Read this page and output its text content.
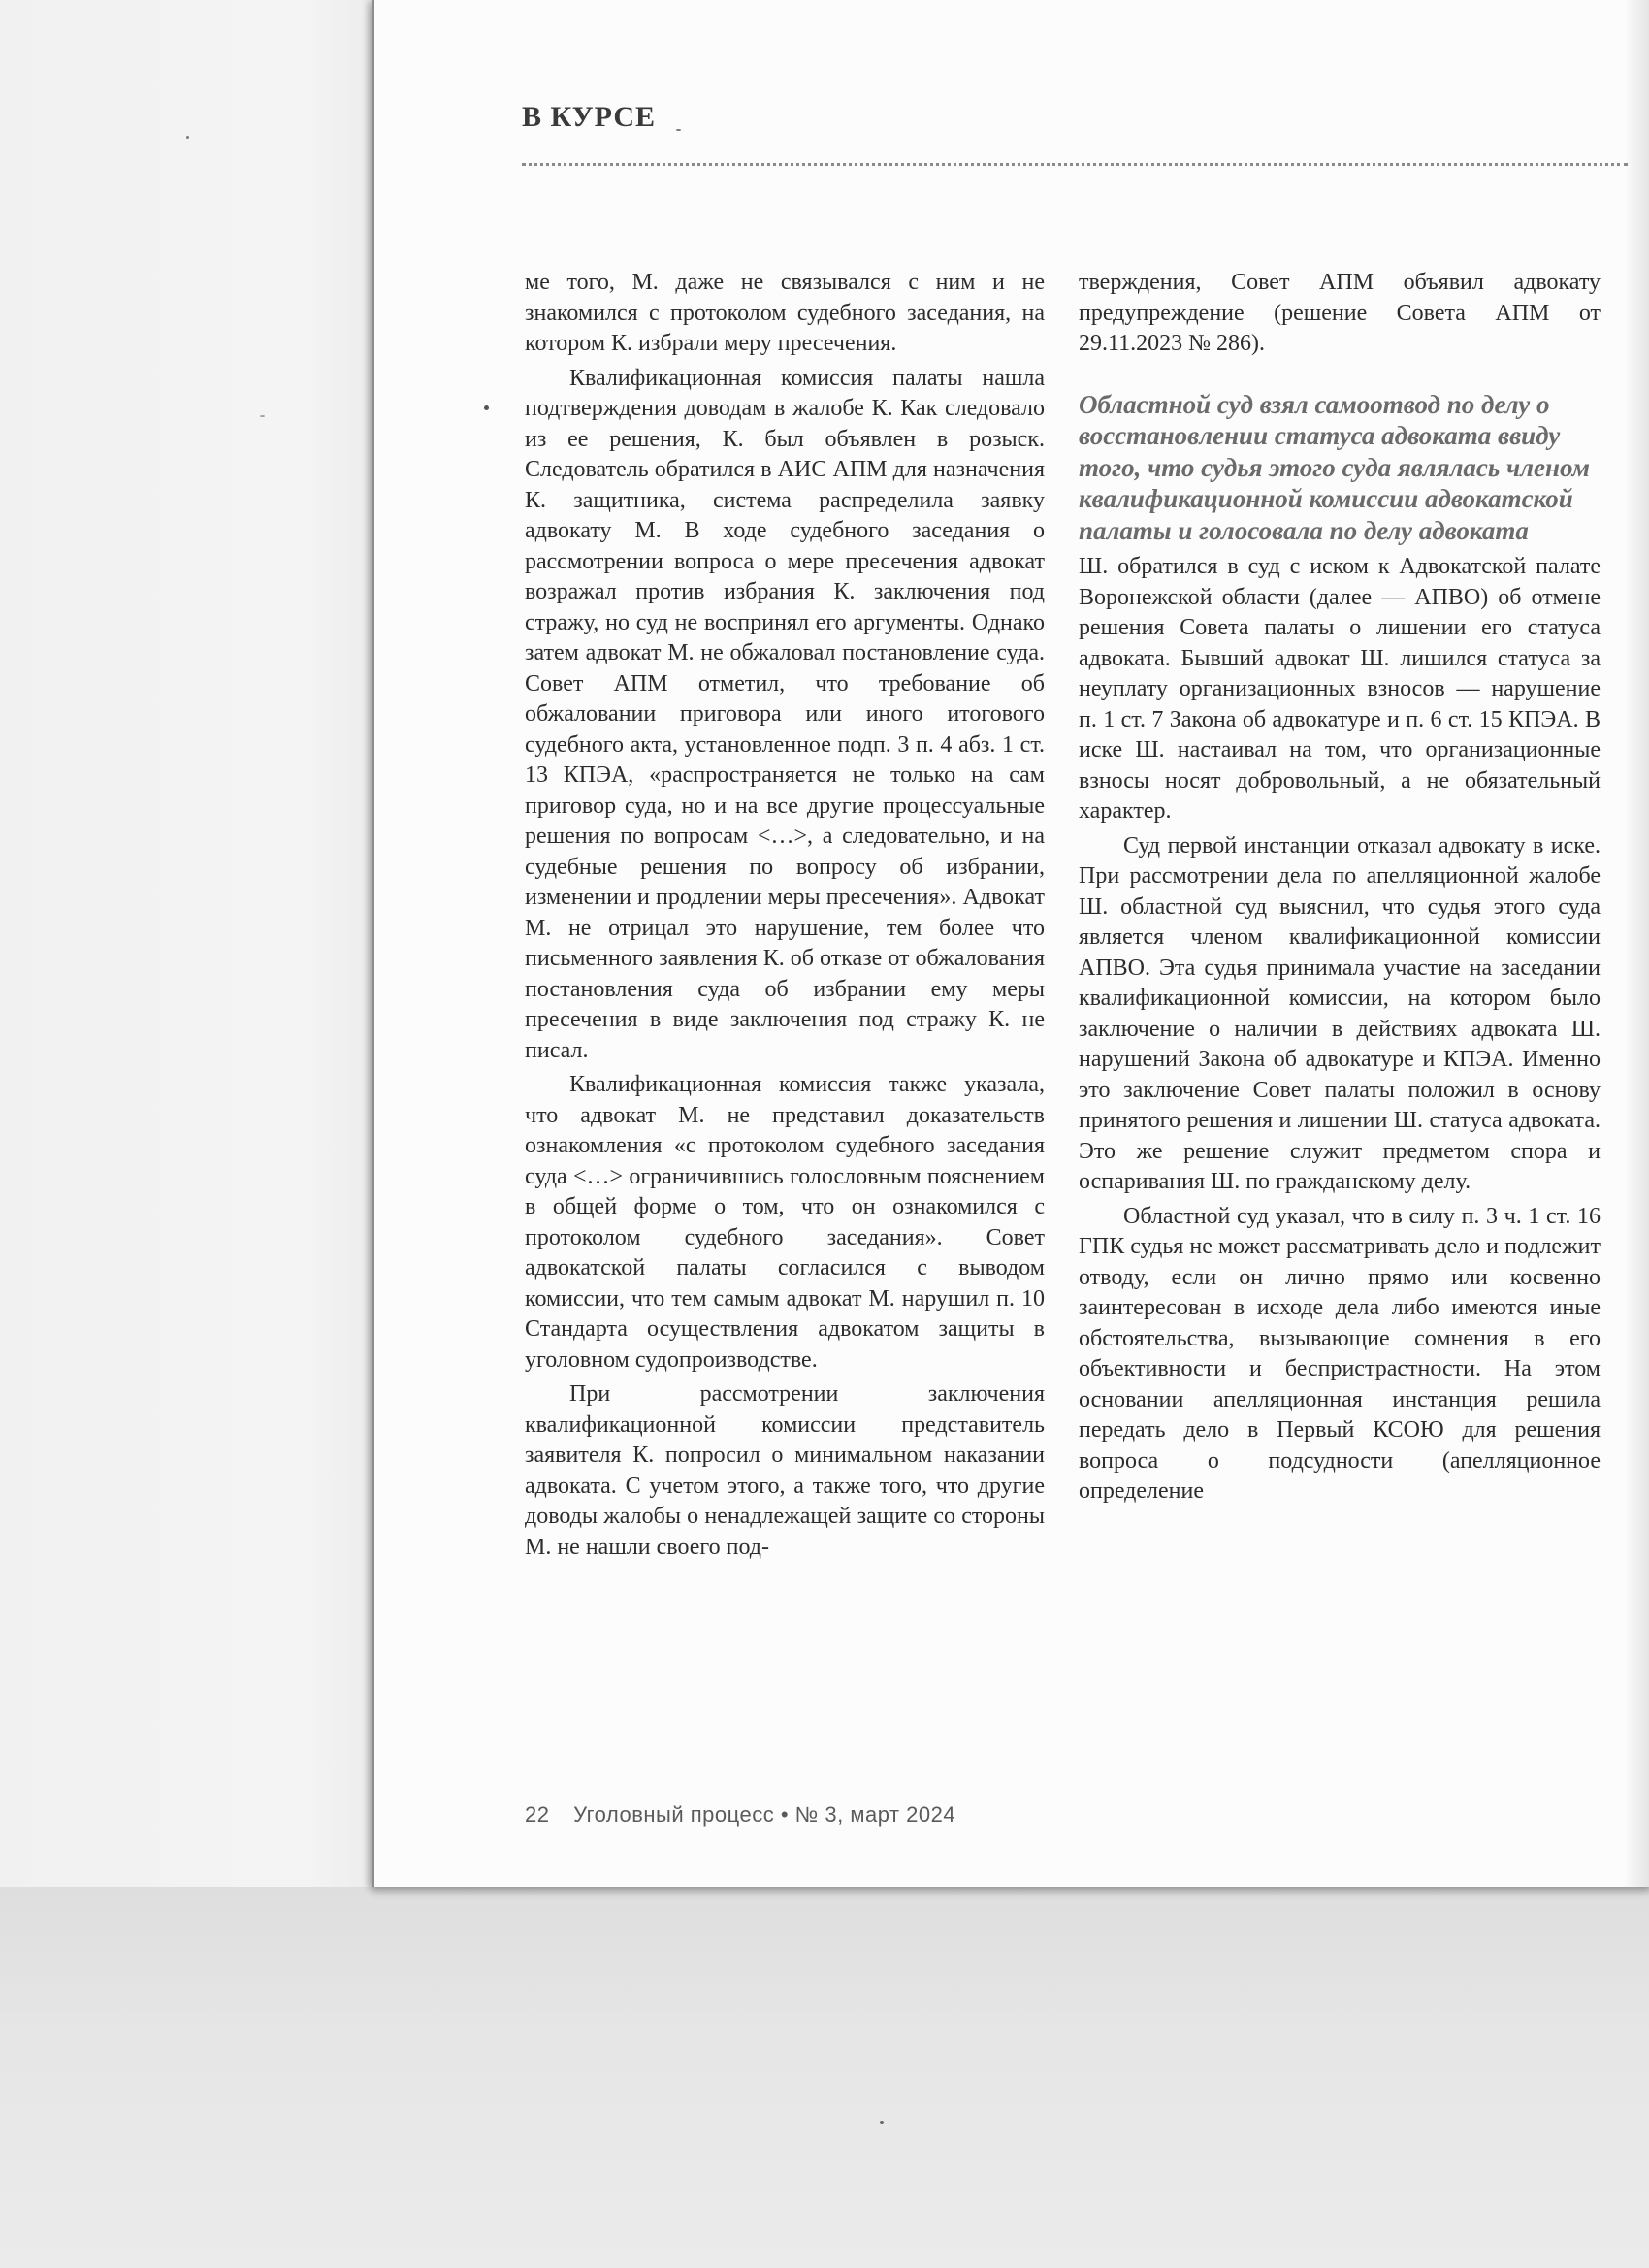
В КУРСЕ

ме того, М. даже не связывался с ним и не знакомился с протоколом судебного заседания, на котором К. избрали меру пресечения.

Квалификационная комиссия палаты нашла подтверждения доводам в жалобе К. Как следовало из ее решения, К. был объявлен в розыск. Следователь обратился в АИС АПМ для назначения К. защитника, система распределила заявку адвокату М. В ходе судебного заседания о рассмотрении вопроса о мере пресечения адвокат возражал против избрания К. заключения под стражу, но суд не воспринял его аргументы. Однако затем адвокат М. не обжаловал постановление суда. Совет АПМ отметил, что требование об обжаловании приговора или иного итогового судебного акта, установленное подп. 3 п. 4 абз. 1 ст. 13 КПЭА, «распространяется не только на сам приговор суда, но и на все другие процессуальные решения по вопросам <…>, а следовательно, и на судебные решения по вопросу об избрании, изменении и продлении меры пресечения». Адвокат М. не отрицал это нарушение, тем более что письменного заявления К. об отказе от обжалования постановления суда об избрании ему меры пресечения в виде заключения под стражу К. не писал.

Квалификационная комиссия также указала, что адвокат М. не представил доказательств ознакомления «с протоколом судебного заседания суда <…> ограничившись голословным пояснением в общей форме о том, что он ознакомился с протоколом судебного заседания». Совет адвокатской палаты согласился с выводом комиссии, что тем самым адвокат М. нарушил п. 10 Стандарта осуществления адвокатом защиты в уголовном судопроизводстве.

При рассмотрении заключения квалификационной комиссии представитель заявителя К. попросил о минимальном наказании адвоката. С учетом этого, а также того, что другие доводы жалобы о ненадлежащей защите со стороны М. не нашли своего под-

тверждения, Совет АПМ объявил адвокату предупреждение (решение Совета АПМ от 29.11.2023 № 286).

Областной суд взял самоотвод по делу о восстановлении статуса адвоката ввиду того, что судья этого суда являлась членом квалификационной комиссии адвокатской палаты и голосовала по делу адвоката

Ш. обратился в суд с иском к Адвокатской палате Воронежской области (далее — АПВО) об отмене решения Совета палаты о лишении его статуса адвоката. Бывший адвокат Ш. лишился статуса за неуплату организационных взносов — нарушение п. 1 ст. 7 Закона об адвокатуре и п. 6 ст. 15 КПЭА. В иске Ш. настаивал на том, что организационные взносы носят добровольный, а не обязательный характер.

Суд первой инстанции отказал адвокату в иске. При рассмотрении дела по апелляционной жалобе Ш. областной суд выяснил, что судья этого суда является членом квалификационной комиссии АПВО. Эта судья принимала участие на заседании квалификационной комиссии, на котором было заключение о наличии в действиях адвоката Ш. нарушений Закона об адвокатуре и КПЭА. Именно это заключение Совет палаты положил в основу принятого решения и лишении Ш. статуса адвоката. Это же решение служит предметом спора и оспаривания Ш. по гражданскому делу.

Областной суд указал, что в силу п. 3 ч. 1 ст. 16 ГПК судья не может рассматривать дело и подлежит отводу, если он лично прямо или косвенно заинтересован в исходе дела либо имеются иные обстоятельства, вызывающие сомнения в его объективности и беспристрастности. На этом основании апелляционная инстанция решила передать дело в Первый КСОЮ для решения вопроса о подсудности (апелляционное определение

22 Уголовный процесс • № 3, март 2024
